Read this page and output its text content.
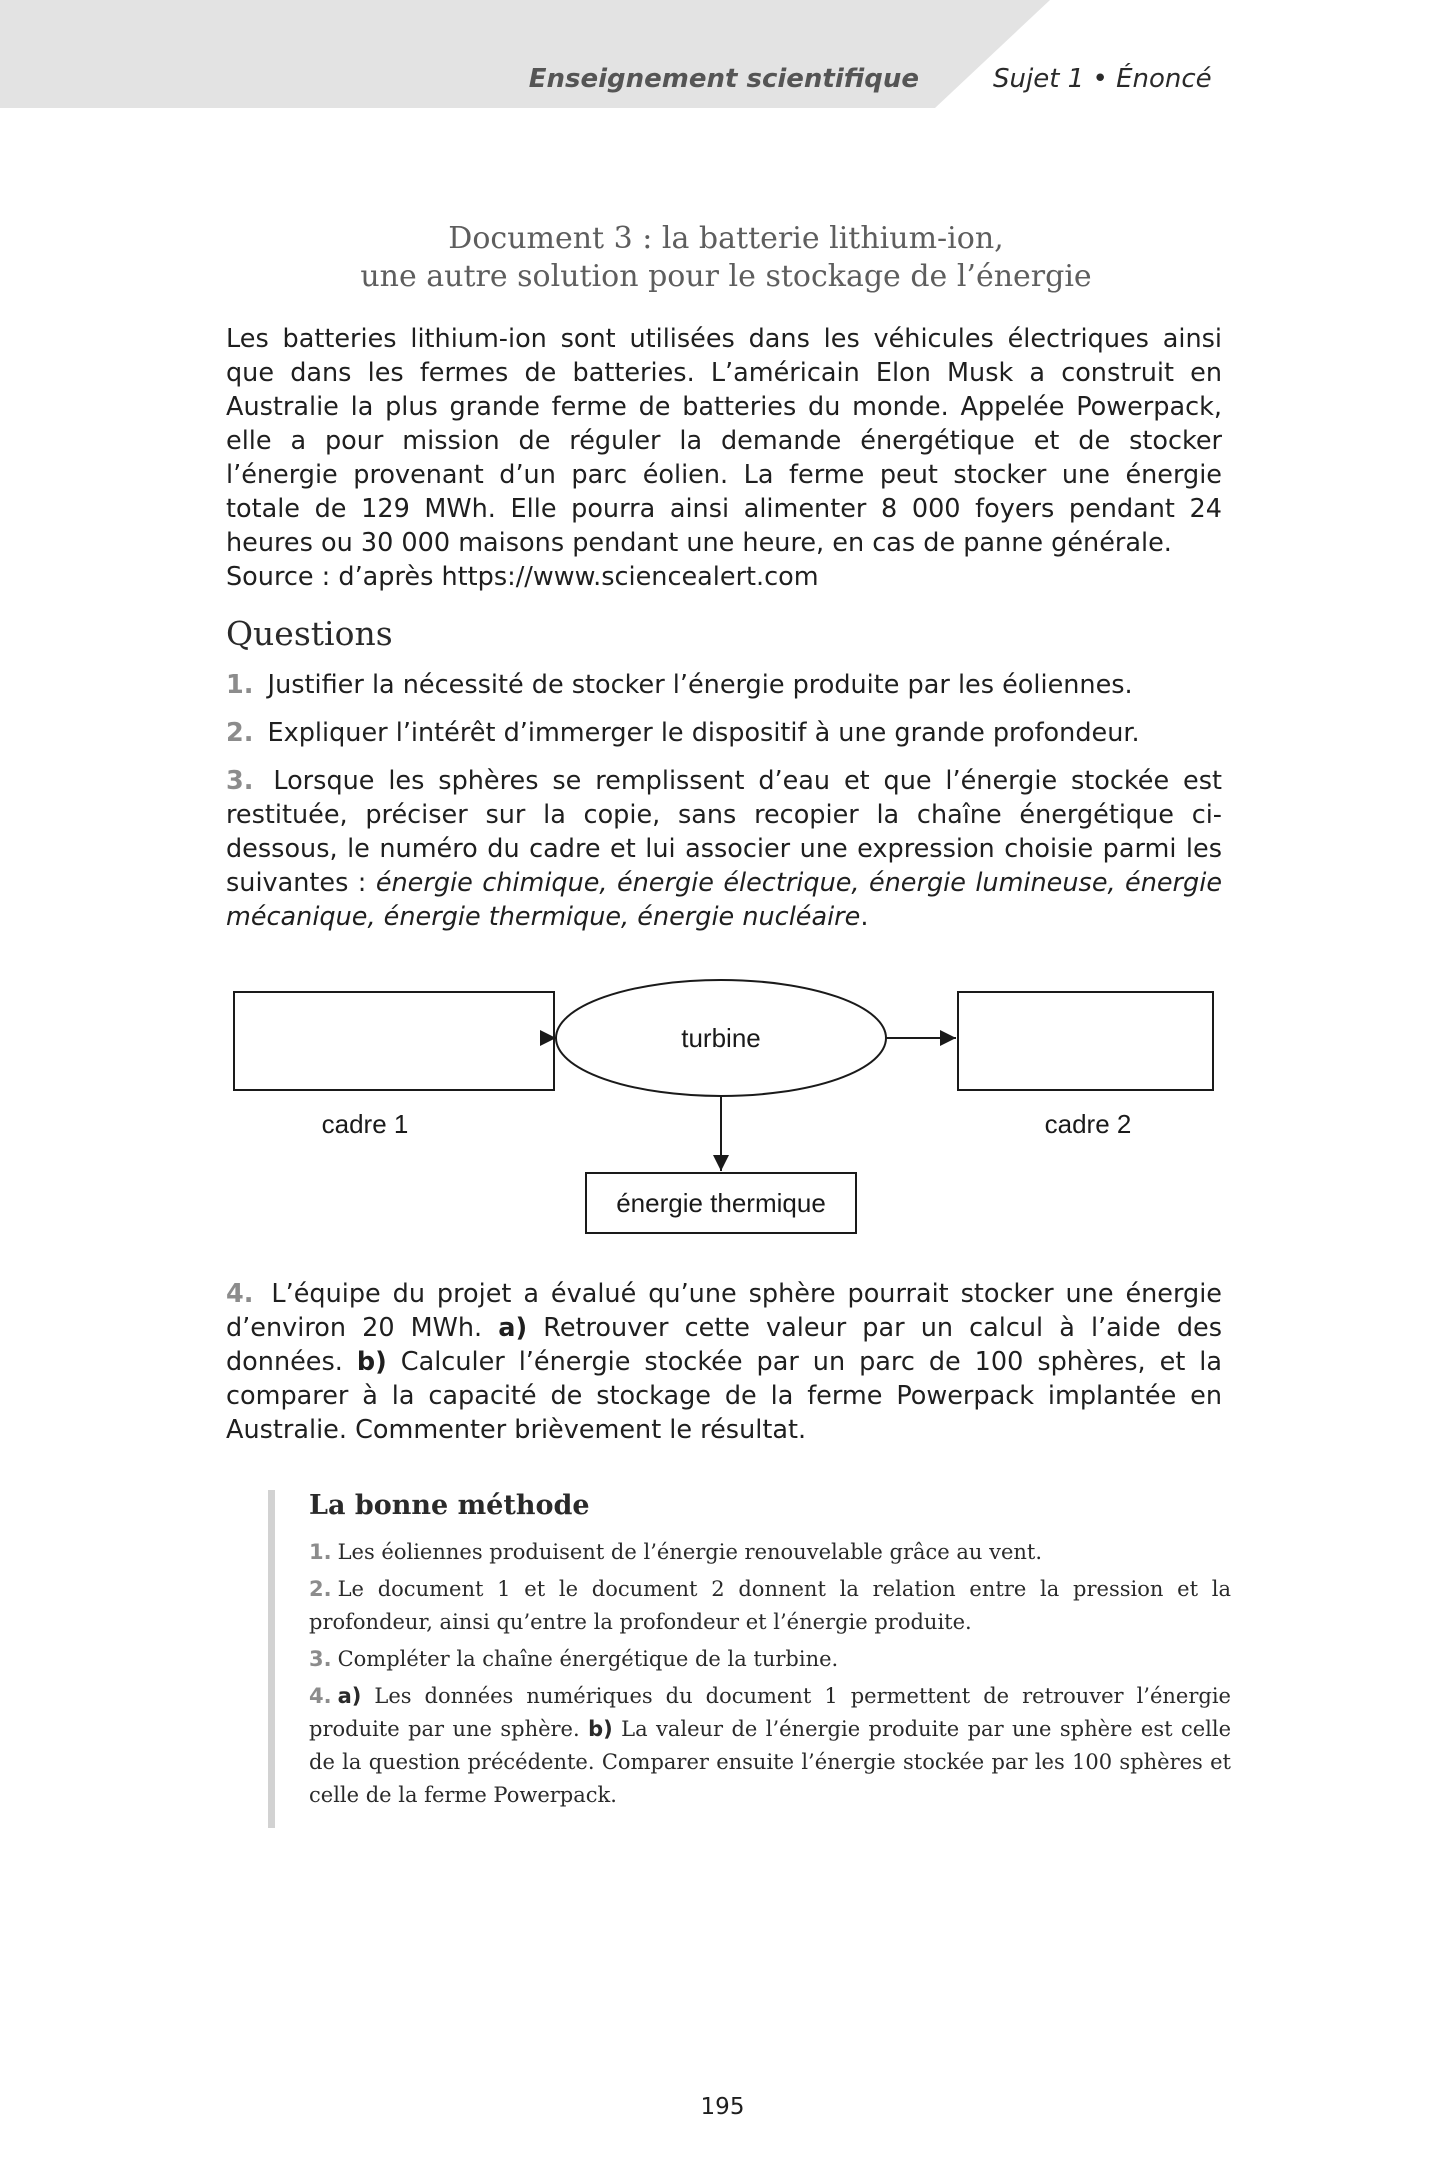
Enseignement scientifique	Sujet 1 • Énoncé
Document 3 : la batterie lithium-ion,
une autre solution pour le stockage de l’énergie

Les batteries lithium-ion sont utilisées dans les véhicules électriques ainsi que dans les fermes de batteries. L’américain Elon Musk a construit en Australie la plus grande ferme de batteries du monde. Appelée Powerpack, elle a pour mission de réguler la demande énergétique et de stocker l’énergie provenant d’un parc éolien. La ferme peut stocker une énergie totale de 129 MWh. Elle pourra ainsi alimenter 8 000 foyers pendant 24 heures ou 30 000 maisons pendant une heure, en cas de panne générale.

Source : d’après https://www.sciencealert.com
Questions
1. Justifier la nécessité de stocker l’énergie produite par les éoliennes.
2. Expliquer l’intérêt d’immerger le dispositif à une grande profondeur.
3. Lorsque les sphères se remplissent d’eau et que l’énergie stockée est restituée, préciser sur la copie, sans recopier la chaîne énergétique ci-dessous, le numéro du cadre et lui associer une expression choisie parmi les suivantes : énergie chimique, énergie électrique, énergie lumineuse, énergie mécanique, énergie thermique, énergie nucléaire.
turbine
cadre 1	cadre 2
énergie thermique
4. L’équipe du projet a évalué qu’une sphère pourrait stocker une énergie d’environ 20 MWh. a) Retrouver cette valeur par un calcul à l’aide des données. b) Calculer l’énergie stockée par un parc de 100 sphères, et la comparer à la capacité de stockage de la ferme Powerpack implantée en Australie. Commenter brièvement le résultat.
La bonne méthode

1. Les éoliennes produisent de l’énergie renouvelable grâce au vent.

2. Le document 1 et le document 2 donnent la relation entre la pression et la profondeur, ainsi qu’entre la profondeur et l’énergie produite.

3. Compléter la chaîne énergétique de la turbine.

4. a) Les données numériques du document 1 permettent de retrouver l’énergie produite par une sphère. b) La valeur de l’énergie produite par une sphère est celle de la question précédente. Comparer ensuite l’énergie stockée par les 100 sphères et celle de la ferme Powerpack.

195
